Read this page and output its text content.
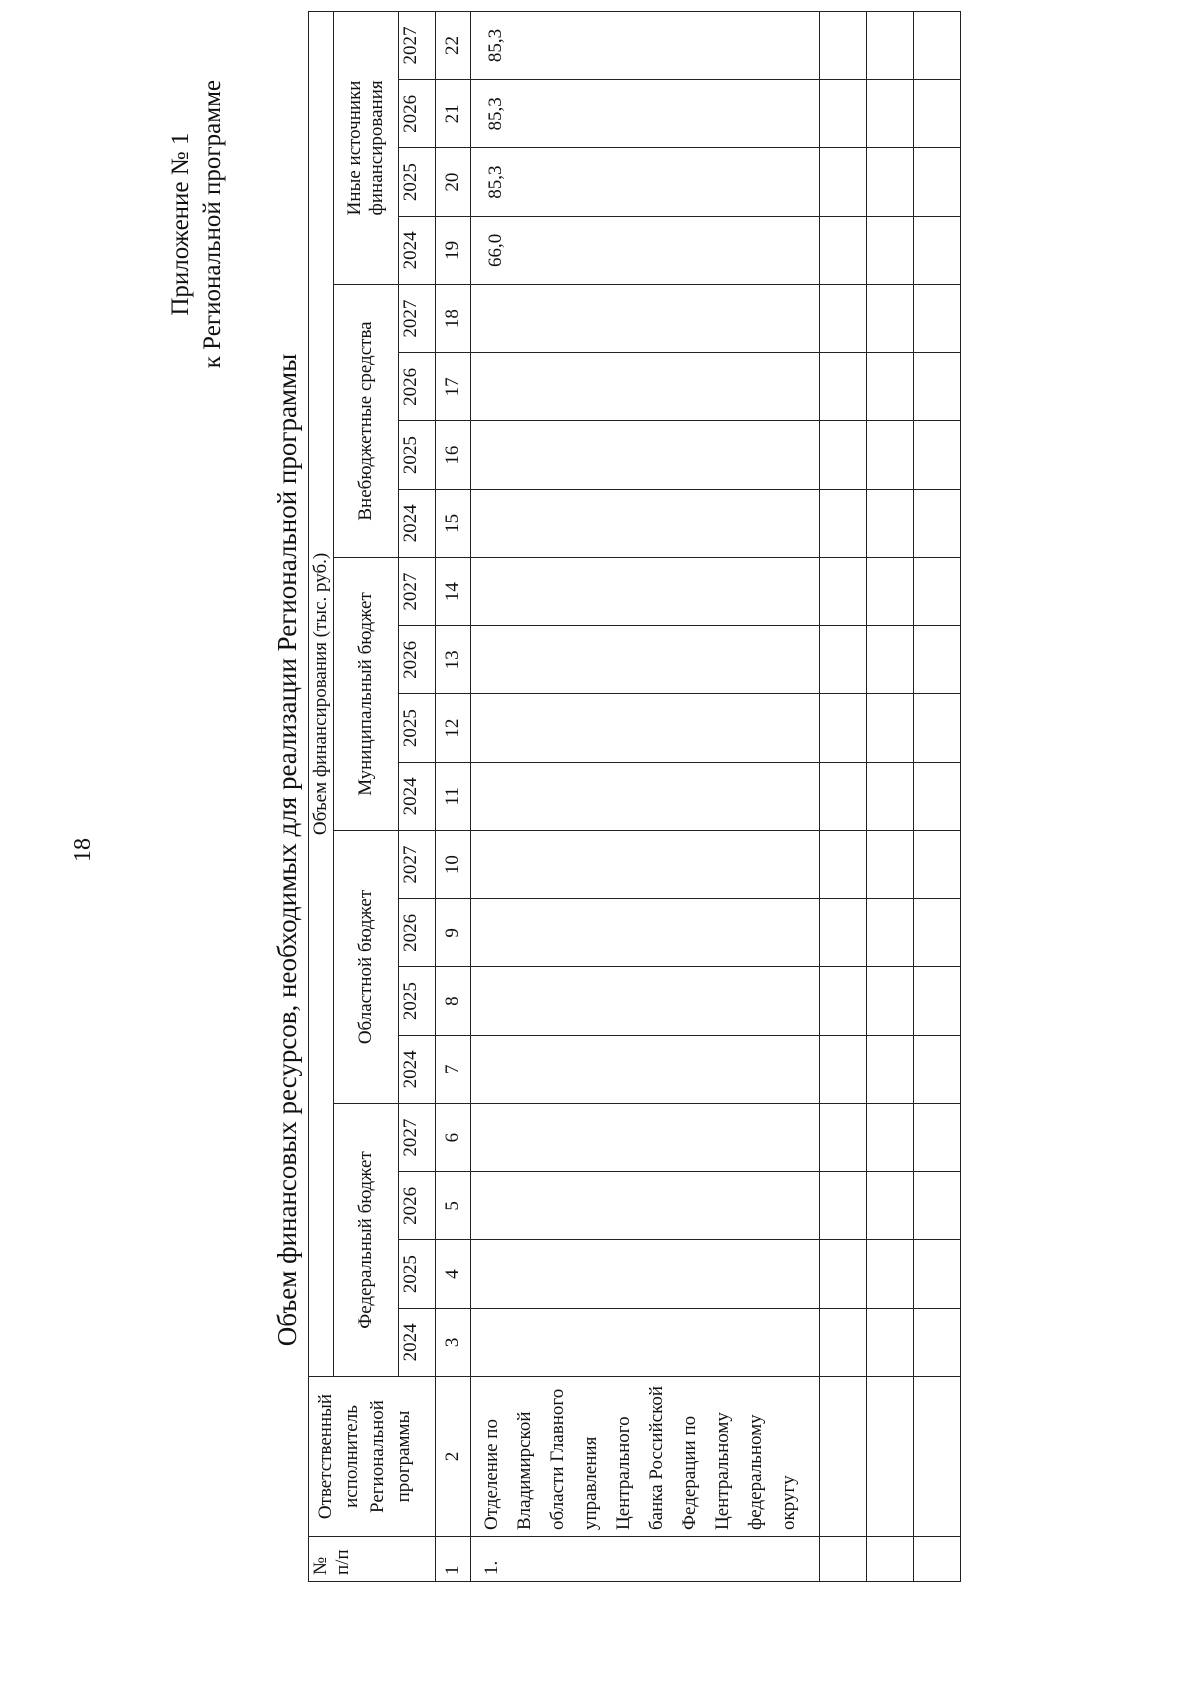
18
Приложение № 1 к Региональной программе
Объем финансовых ресурсов, необходимых для реализации Региональной программы
№ п/п	Ответственный исполнитель Региональной программы	Объем финансирования (тыс. руб.)																			
		Федеральный бюджет				Областной бюджет				Муниципальный бюджет				Внебюджетные средства				Иные источники финансирования			
		2024	2025	2026	2027	2024	2025	2026	2027	2024	2025	2026	2027	2024	2025	2026	2027	2024	2025	2026	2027
1	2	3	4	5	6	7	8	9	10	11	12	13	14	15	16	17	18	19	20	21	22
1.	Отделение по Владимирской области Главного управления Центрального банка Российской Федерации по Центральному федеральному округу																	66,0	85,3	85,3	85,3
